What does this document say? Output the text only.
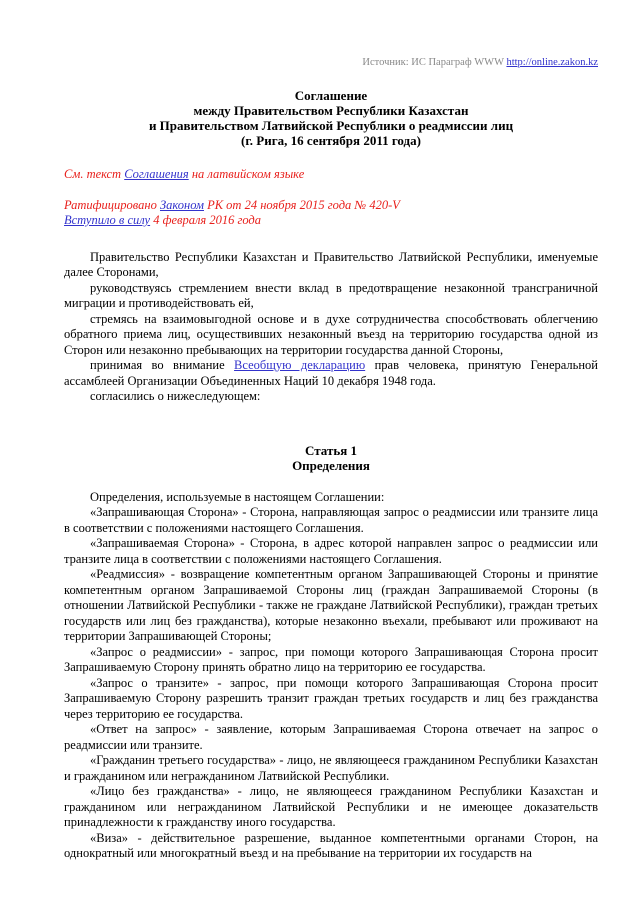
Источник: ИС Параграф WWW http://online.zakon.kz
Соглашение
между Правительством Республики Казахстан
и Правительством Латвийской Республики о реадмиссии лиц
(г. Рига, 16 сентября 2011 года)
См. текст Соглашения на латвийском языке
Ратифицировано Законом РК от 24 ноября 2015 года № 420-V
Вступило в силу 4 февраля 2016 года

Правительство Республики Казахстан и Правительство Латвийской Республики, именуемые далее Сторонами,

руководствуясь стремлением внести вклад в предотвращение незаконной трансграничной миграции и противодействовать ей,

стремясь на взаимовыгодной основе и в духе сотрудничества способствовать облегчению обратного приема лиц, осуществивших незаконный въезд на территорию государства одной из Сторон или незаконно пребывающих на территории государства данной Стороны,

принимая во внимание Всеобщую декларацию прав человека, принятую Генеральной ассамблеей Организации Объединенных Наций 10 декабря 1948 года.

согласились о нижеследующем:

Статья 1
Определения

Определения, используемые в настоящем Соглашении:

«Запрашивающая Сторона» - Сторона, направляющая запрос о реадмиссии или транзите лица в соответствии с положениями настоящего Соглашения.

«Запрашиваемая Сторона» - Сторона, в адрес которой направлен запрос о реадмиссии или транзите лица в соответствии с положениями настоящего Соглашения.

«Реадмиссия» - возвращение компетентным органом Запрашивающей Стороны и принятие компетентным органом Запрашиваемой Стороны лиц (граждан Запрашиваемой Стороны (в отношении Латвийской Республики - также не граждане Латвийской Республики), граждан третьих государств или лиц без гражданства), которые незаконно въехали, пребывают или проживают на территории Запрашивающей Стороны;

«Запрос о реадмиссии» - запрос, при помощи которого Запрашивающая Сторона просит Запрашиваемую Сторону принять обратно лицо на территорию ее государства.

«Запрос о транзите» - запрос, при помощи которого Запрашивающая Сторона просит Запрашиваемую Сторону разрешить транзит граждан третьих государств и лиц без гражданства через территорию ее государства.

«Ответ на запрос» - заявление, которым Запрашиваемая Сторона отвечает на запрос о реадмиссии или транзите.

«Гражданин третьего государства» - лицо, не являющееся гражданином Республики Казахстан и гражданином или негражданином Латвийской Республики.

«Лицо без гражданства» - лицо, не являющееся гражданином Республики Казахстан и гражданином или негражданином Латвийской Республики и не имеющее доказательств принадлежности к гражданству иного государства.

«Виза» - действительное разрешение, выданное компетентными органами Сторон, на однократный или многократный въезд и на пребывание на территории их государств на
